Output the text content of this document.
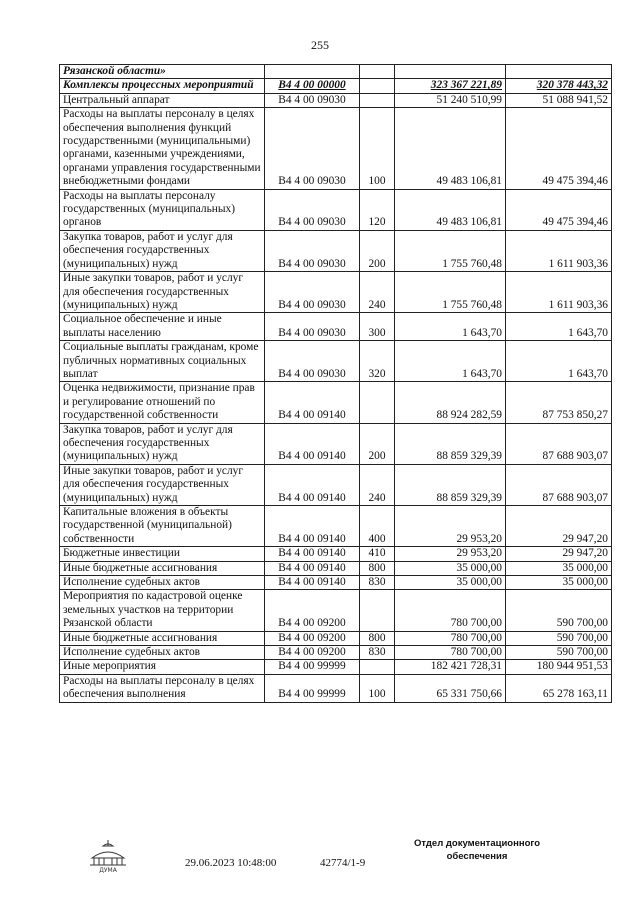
255
Рязанской области»				
Комплексы процессных мероприятий	В4 4 00 00000		323 367 221,89	320 378 443,32
Центральный аппарат	В4 4 00 09030		51 240 510,99	51 088 941,52
Расходы на выплаты персоналу в целях обеспечения выполнения функций государственными (муниципальными) органами, казенными учреждениями, органами управления государственными внебюджетными фондами	В4 4 00 09030	100	49 483 106,81	49 475 394,46
Расходы на выплаты персоналу государственных (муниципальных) органов	В4 4 00 09030	120	49 483 106,81	49 475 394,46
Закупка товаров, работ и услуг для обеспечения государственных (муниципальных) нужд	В4 4 00 09030	200	1 755 760,48	1 611 903,36
Иные закупки товаров, работ и услуг для обеспечения государственных (муниципальных) нужд	В4 4 00 09030	240	1 755 760,48	1 611 903,36
Социальное обеспечение и иные выплаты населению	В4 4 00 09030	300	1 643,70	1 643,70
Социальные выплаты гражданам, кроме публичных нормативных социальных выплат	В4 4 00 09030	320	1 643,70	1 643,70
Оценка недвижимости, признание прав и регулирование отношений по государственной собственности	В4 4 00 09140		88 924 282,59	87 753 850,27
Закупка товаров, работ и услуг для обеспечения государственных (муниципальных) нужд	В4 4 00 09140	200	88 859 329,39	87 688 903,07
Иные закупки товаров, работ и услуг для обеспечения государственных (муниципальных) нужд	В4 4 00 09140	240	88 859 329,39	87 688 903,07
Капитальные вложения в объекты государственной (муниципальной) собственности	В4 4 00 09140	400	29 953,20	29 947,20
Бюджетные инвестиции	В4 4 00 09140	410	29 953,20	29 947,20
Иные бюджетные ассигнования	В4 4 00 09140	800	35 000,00	35 000,00
Исполнение судебных актов	В4 4 00 09140	830	35 000,00	35 000,00
Мероприятия по кадастровой оценке земельных участков на территории Рязанской области	В4 4 00 09200		780 700,00	590 700,00
Иные бюджетные ассигнования	В4 4 00 09200	800	780 700,00	590 700,00
Исполнение судебных актов	В4 4 00 09200	830	780 700,00	590 700,00
Иные мероприятия	В4 4 00 99999		182 421 728,31	180 944 951,53
Расходы на выплаты персоналу в целях обеспечения выполнения	В4 4 00 99999	100	65 331 750,66	65 278 163,11
ДУМА
29.06.2023 10:48:00	42774/1-9
Отдел документационного обеспечения
